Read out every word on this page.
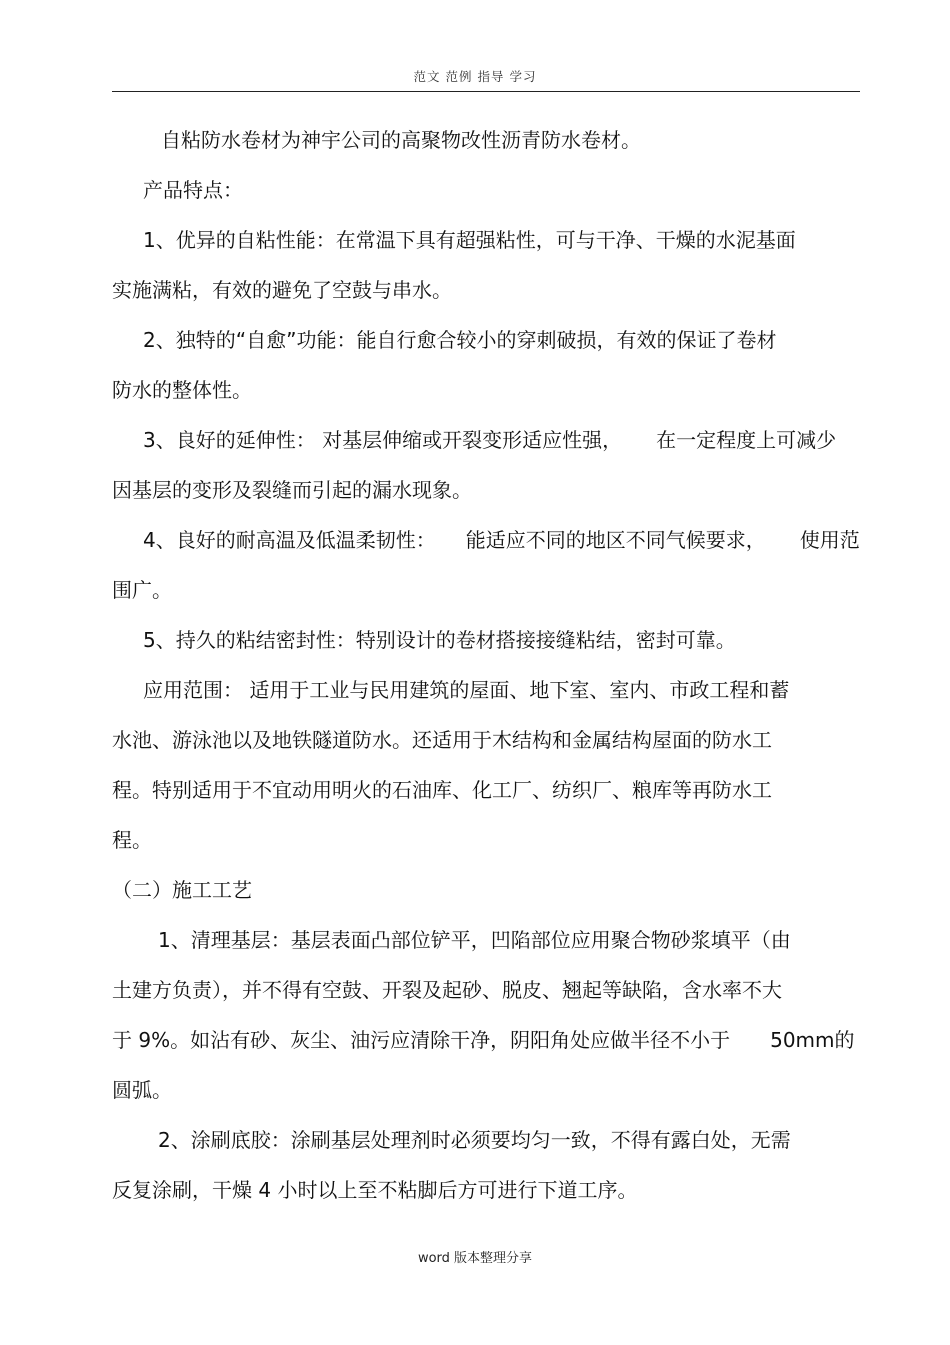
范文 范例 指导 学习
自粘防水卷材为神宇公司的高聚物改性沥青防水卷材。
产品特点：
1、优异的自粘性能：在常温下具有超强粘性，可与干净、干燥的水泥基面
实施满粘，有效的避免了空鼓与串水。
2、独特的“自愈”功能：能自行愈合较小的穿刺破损，有效的保证了卷材
防水的整体性。
3、良好的延伸性： 对基层伸缩或开裂变形适应性强， 在一定程度上可减少
因基层的变形及裂缝而引起的漏水现象。
4、良好的耐高温及低温柔韧性： 能适应不同的地区不同气候要求， 使用范
围广。
5、持久的粘结密封性：特别设计的卷材搭接接缝粘结，密封可靠。
应用范围： 适用于工业与民用建筑的屋面、地下室、室内、市政工程和蓄
水池、游泳池以及地铁隧道防水。还适用于木结构和金属结构屋面的防水工
程。特别适用于不宜动用明火的石油库、化工厂、纺织厂、粮库等再防水工
程。
（二）施工工艺
1、清理基层：基层表面凸部位铲平，凹陷部位应用聚合物砂浆填平（由
土建方负责），并不得有空鼓、开裂及起砂、脱皮、翘起等缺陷，含水率不大
于 9%。如沾有砂、灰尘、油污应清除干净，阴阳角处应做半径不小于 50mm的
圆弧。
2、涂刷底胶：涂刷基层处理剂时必须要均匀一致，不得有露白处，无需
反复涂刷，干燥 4 小时以上至不粘脚后方可进行下道工序。
word 版本整理分享
